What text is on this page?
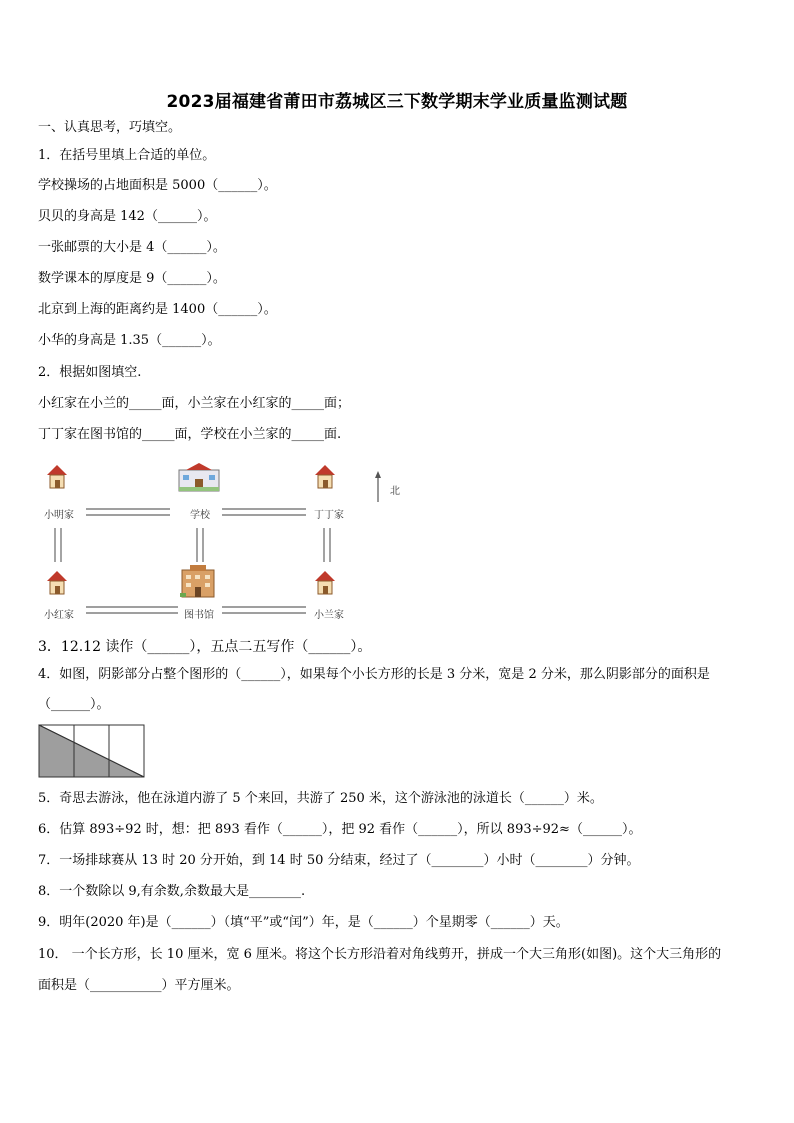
2023届福建省莆田市荔城区三下数学期末学业质量监测试题
一、认真思考，巧填空。
1．在括号里填上合适的单位。
学校操场的占地面积是 5000（______）。
贝贝的身高是 142（______）。
一张邮票的大小是 4（______）。
数学课本的厚度是 9（______）。
北京到上海的距离约是 1400（______）。
小华的身高是 1.35（______）。
2．根据如图填空.
小红家在小兰的_____面，小兰家在小红家的_____面；
丁丁家在图书馆的_____面，学校在小兰家的_____面.
小明家	学校	丁丁家
小红家	图书馆	小兰家
北
3．12.12 读作（______），五点二五写作（______）。
4．如图，阴影部分占整个图形的（______），如果每个小长方形的长是 3 分米，宽是 2 分米，那么阴影部分的面积是
（______）。
5．奇思去游泳，他在泳道内游了 5 个来回，共游了 250 米，这个游泳池的泳道长（______）米。
6．估算 893÷92 时，想：把 893 看作（______），把 92 看作（______），所以 893÷92≈（______）。
7．一场排球赛从 13 时 20 分开始，到 14 时 50 分结束，经过了（________）小时（________）分钟。
8．一个数除以 9,有余数,余数最大是________.
9．明年(2020 年)是（______）（填“平”或“闰”）年，是（______）个星期零（______）天。
10． 一个长方形，长 10 厘米，宽 6 厘米。将这个长方形沿着对角线剪开，拼成一个大三角形(如图)。这个大三角形的
面积是（___________）平方厘米。
